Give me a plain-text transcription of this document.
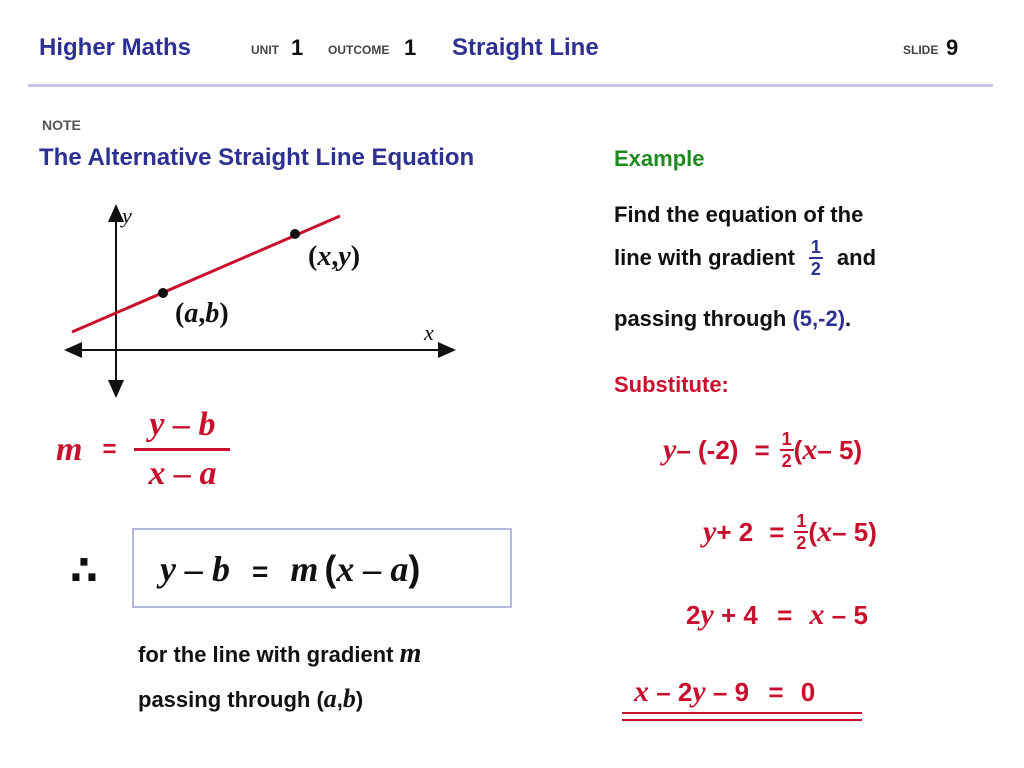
Higher Maths	UNIT 1 OUTCOME 1 Straight Line	SLIDE 9
NOTE
The Alternative Straight Line Equation
y
x
(x,y)
(a,b)
$m = \frac{y - b}{x - a}$
∴ y – b = m (x – a)
for the line with gradient m
passing through (a,b)
Example
Find the equation of the
line with gradient $\frac{1}{2}$ and
passing through (5,-2).
Substitute:
$y - (-2) = \frac{1}{2}$ ( x – 5 )
$y + 2 = \frac{1}{2}$ ( x – 5 )
2y + 4 = x – 5
x – 2y – 9 = 0
